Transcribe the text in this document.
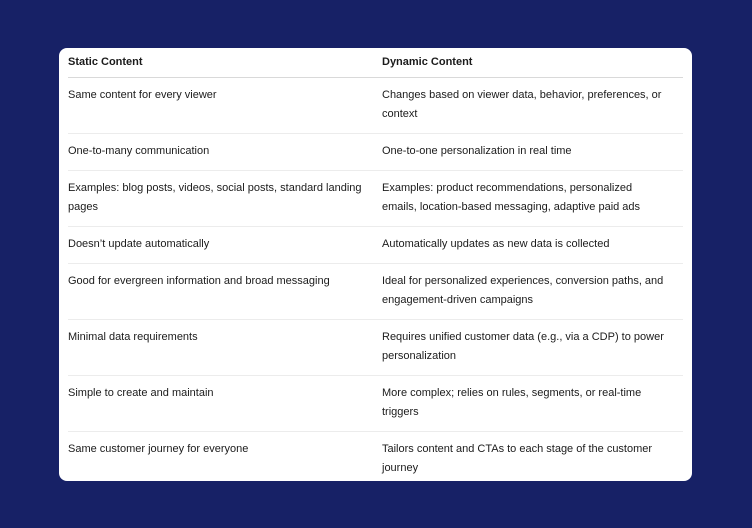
Static Content	Dynamic Content
Same content for every viewer	Changes based on viewer data, behavior, preferences, or context
One-to-many communication	One-to-one personalization in real time
Examples: blog posts, videos, social posts, standard landing pages	Examples: product recommendations, personalized emails, location-based messaging, adaptive paid ads
Doesn’t update automatically	Automatically updates as new data is collected
Good for evergreen information and broad messaging	Ideal for personalized experiences, conversion paths, and engagement-driven campaigns
Minimal data requirements	Requires unified customer data (e.g., via a CDP) to power personalization
Simple to create and maintain	More complex; relies on rules, segments, or real-time triggers
Same customer journey for everyone	Tailors content and CTAs to each stage of the customer journey
